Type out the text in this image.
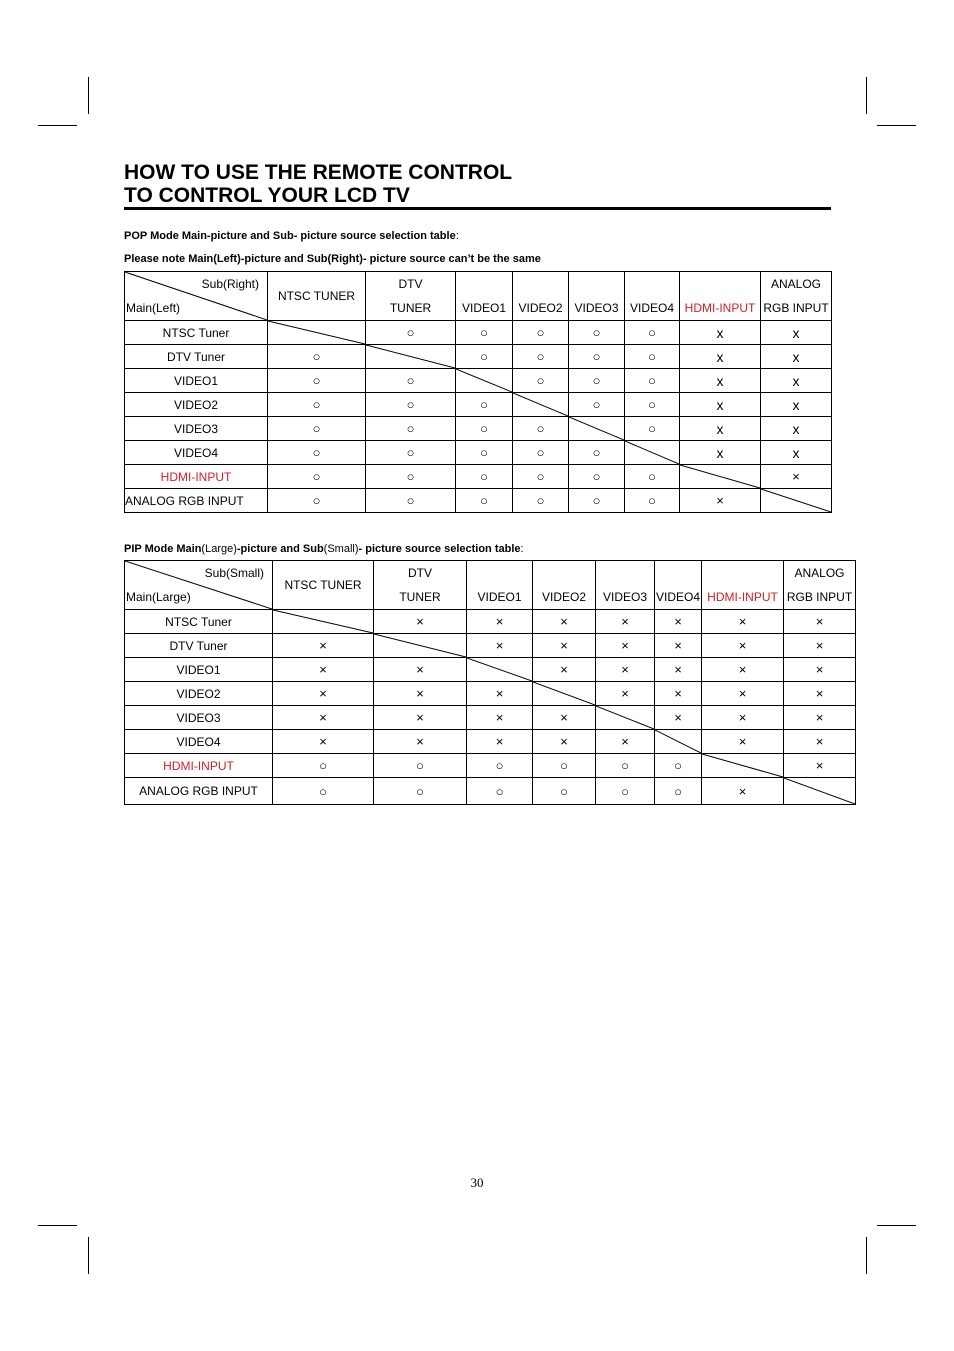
HOW TO USE THE REMOTE CONTROL
TO CONTROL YOUR LCD TV
POP Mode Main-picture and Sub- picture source selection table:
Please note Main(Left)-picture and Sub(Right)- picture source can’t be the same
Sub(Right)
Main(Left)	NTSC TUNER	DTV
TUNER	VIDEO1	VIDEO2	VIDEO3	VIDEO4	HDMI-INPUT	ANALOG
RGB INPUT

NTSC Tuner		○	○	○	○	○	x	x
DTV Tuner	○		○	○	○	○	x	x
VIDEO1	○	○		○	○	○	x	x
VIDEO2	○	○	○		○	○	x	x
VIDEO3	○	○	○	○		○	x	x
VIDEO4	○	○	○	○	○		x	x
HDMI-INPUT	○	○	○	○	○	○		×
ANALOG RGB INPUT	○	○	○	○	○	○	×	
PIP Mode Main(Large)-picture and Sub(Small)- picture source selection table:
Sub(Small)
Main(Large)	NTSC TUNER	DTV
TUNER	VIDEO1	VIDEO2	VIDEO3	VIDEO4	HDMI-INPUT	ANALOG
RGB INPUT

NTSC Tuner		×	×	×	×	×	×	×
DTV Tuner	×		×	×	×	×	×	×
VIDEO1	×	×		×	×	×	×	×
VIDEO2	×	×	×		×	×	×	×
VIDEO3	×	×	×	×		×	×	×
VIDEO4	×	×	×	×	×		×	×
HDMI-INPUT	○	○	○	○	○	○		×
ANALOG RGB INPUT	○	○	○	○	○	○	×	
30
